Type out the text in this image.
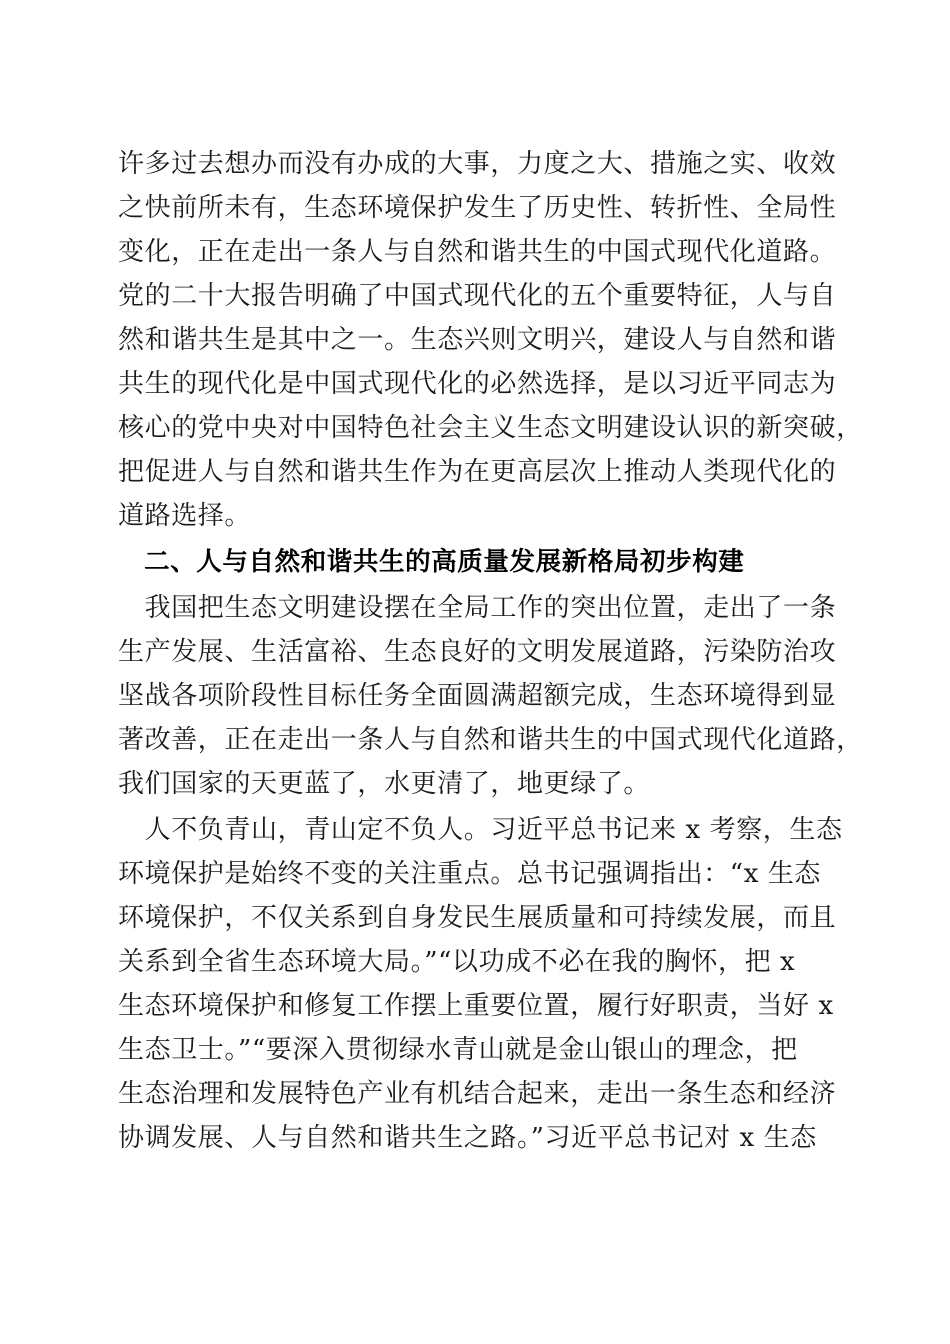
许多过去想办而没有办成的大事，力度之大、措施之实、收效
之快前所未有，生态环境保护发生了历史性、转折性、全局性
变化，正在走出一条人与自然和谐共生的中国式现代化道路。
党的二十大报告明确了中国式现代化的五个重要特征，人与自
然和谐共生是其中之一。生态兴则文明兴，建设人与自然和谐
共生的现代化是中国式现代化的必然选择，是以习近平同志为
核心的党中央对中国特色社会主义生态文明建设认识的新突破，
把促进人与自然和谐共生作为在更高层次上推动人类现代化的
道路选择。
　二、人与自然和谐共生的高质量发展新格局初步构建
　我国把生态文明建设摆在全局工作的突出位置，走出了一条
生产发展、生活富裕、生态良好的文明发展道路，污染防治攻
坚战各项阶段性目标任务全面圆满超额完成，生态环境得到显
著改善，正在走出一条人与自然和谐共生的中国式现代化道路，
我们国家的天更蓝了，水更清了，地更绿了。
　人不负青山，青山定不负人。习近平总书记来 x 考察，生态
环境保护是始终不变的关注重点。总书记强调指出：“x 生态
环境保护，不仅关系到自身发民生展质量和可持续发展，而且
关系到全省生态环境大局。”“以功成不必在我的胸怀，把 x
生态环境保护和修复工作摆上重要位置，履行好职责，当好 x
生态卫士。”“要深入贯彻绿水青山就是金山银山的理念，把
生态治理和发展特色产业有机结合起来，走出一条生态和经济
协调发展、人与自然和谐共生之路。”习近平总书记对 x 生态
